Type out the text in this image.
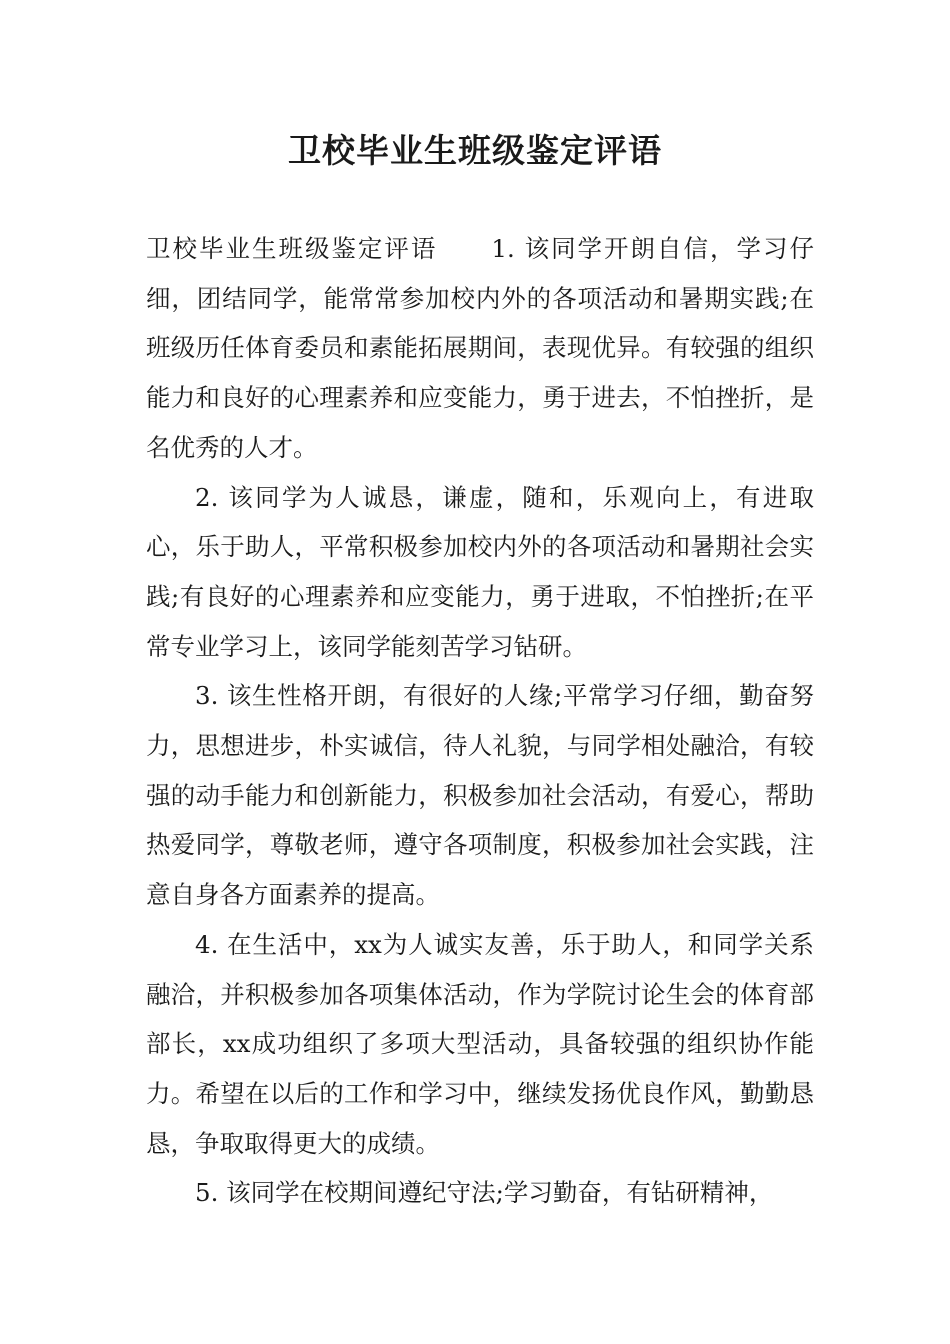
卫校毕业生班级鉴定评语

卫校毕业生班级鉴定评语 1. 该同学开朗自信，学习仔细，团结同学，能常常参加校内外的各项活动和暑期实践;在班级历任体育委员和素能拓展期间，表现优异。有较强的组织能力和良好的心理素养和应变能力，勇于进去，不怕挫折，是名优秀的人才。

2. 该同学为人诚恳，谦虚，随和，乐观向上，有进取心，乐于助人，平常积极参加校内外的各项活动和暑期社会实践;有良好的心理素养和应变能力，勇于进取，不怕挫折;在平常专业学习上，该同学能刻苦学习钻研。

3. 该生性格开朗，有很好的人缘;平常学习仔细，勤奋努力，思想进步，朴实诚信，待人礼貌，与同学相处融洽，有较强的动手能力和创新能力，积极参加社会活动，有爱心，帮助热爱同学，尊敬老师，遵守各项制度，积极参加社会实践，注意自身各方面素养的提高。

4. 在生活中，xx为人诚实友善，乐于助人，和同学关系融洽，并积极参加各项集体活动，作为学院讨论生会的体育部部长，xx成功组织了多项大型活动，具备较强的组织协作能力。希望在以后的工作和学习中，继续发扬优良作风，勤勤恳恳，争取取得更大的成绩。

5. 该同学在校期间遵纪守法;学习勤奋，有钻研精神，
